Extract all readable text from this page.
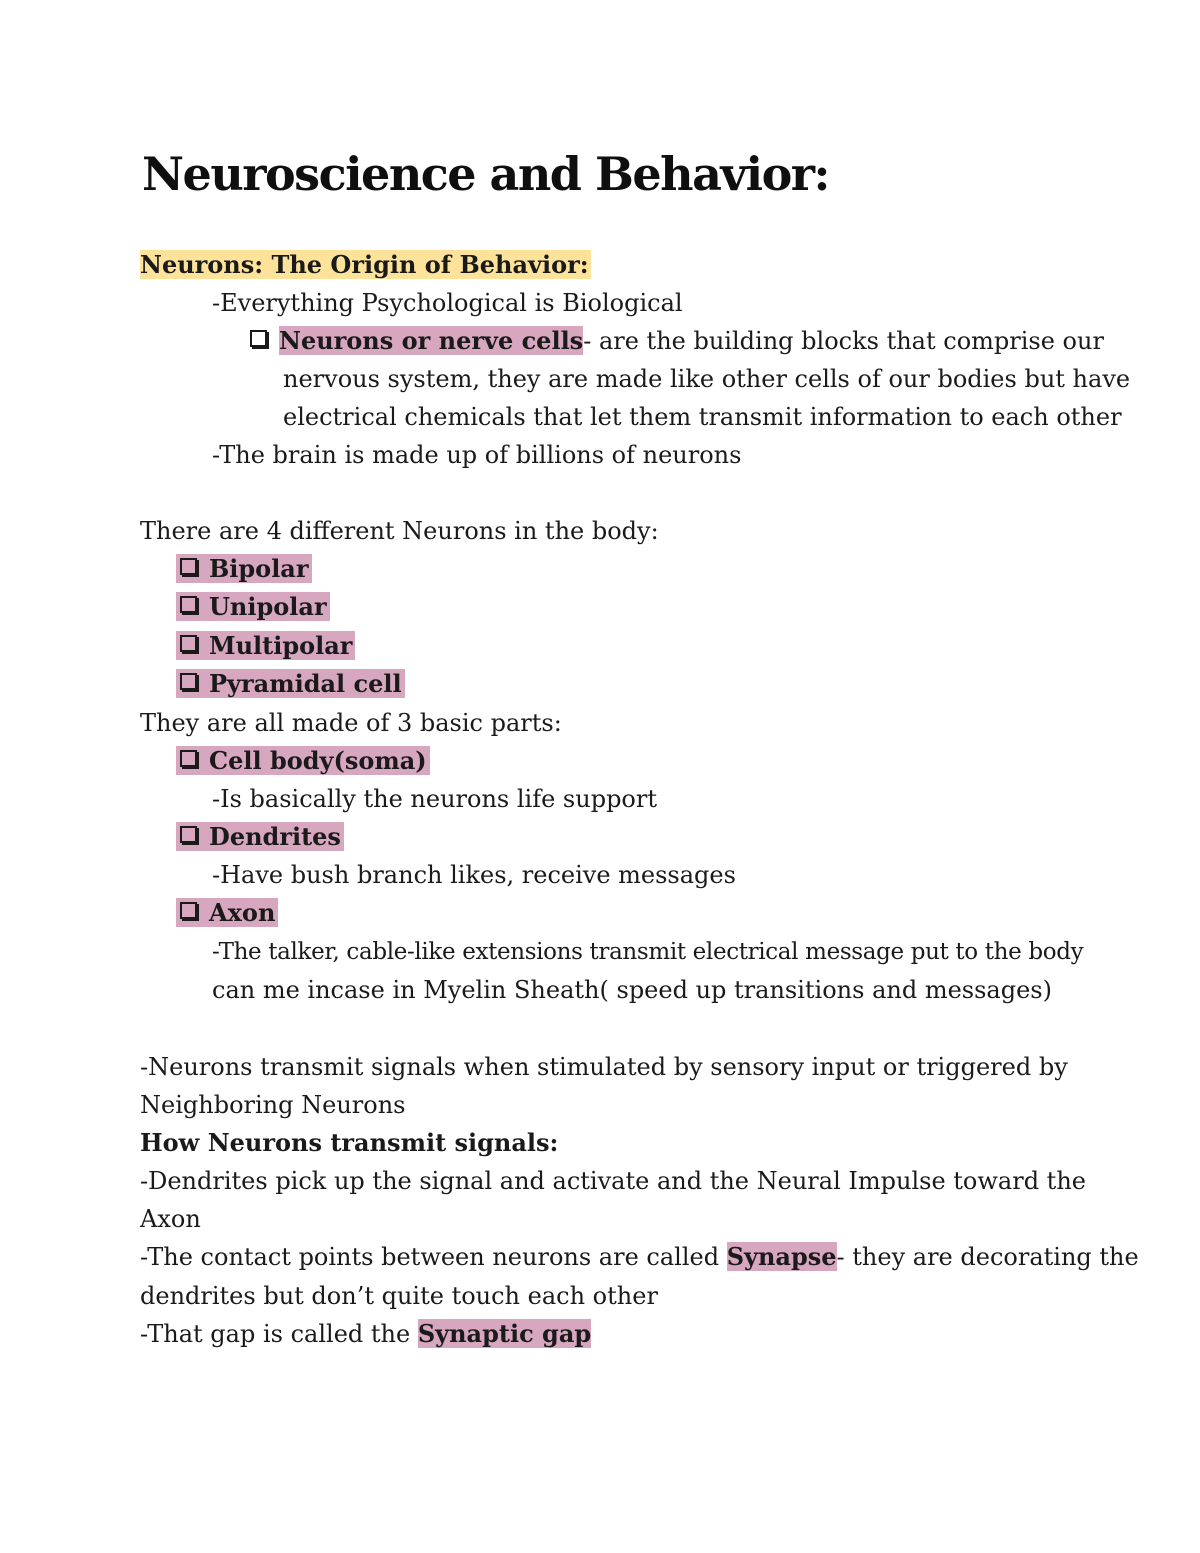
Neuroscience and Behavior:
Neurons: The Origin of Behavior:
-Everything Psychological is Biological
Neurons or nerve cells- are the building blocks that comprise our
nervous system, they are made like other cells of our bodies but have
electrical chemicals that let them transmit information to each other
-The brain is made up of billions of neurons
There are 4 different Neurons in the body:
Bipolar
Unipolar
Multipolar
Pyramidal cell
They are all made of 3 basic parts:
Cell body(soma)
-Is basically the neurons life support
Dendrites
-Have bush branch likes, receive messages
Axon
-The talker, cable-like extensions transmit electrical message put to the body
can me incase in Myelin Sheath( speed up transitions and messages)
-Neurons transmit signals when stimulated by sensory input or triggered by
Neighboring Neurons
How Neurons transmit signals:
-Dendrites pick up the signal and activate and the Neural Impulse toward the
Axon
-The contact points between neurons are called Synapse- they are decorating the
dendrites but don’t quite touch each other
-That gap is called the Synaptic gap
